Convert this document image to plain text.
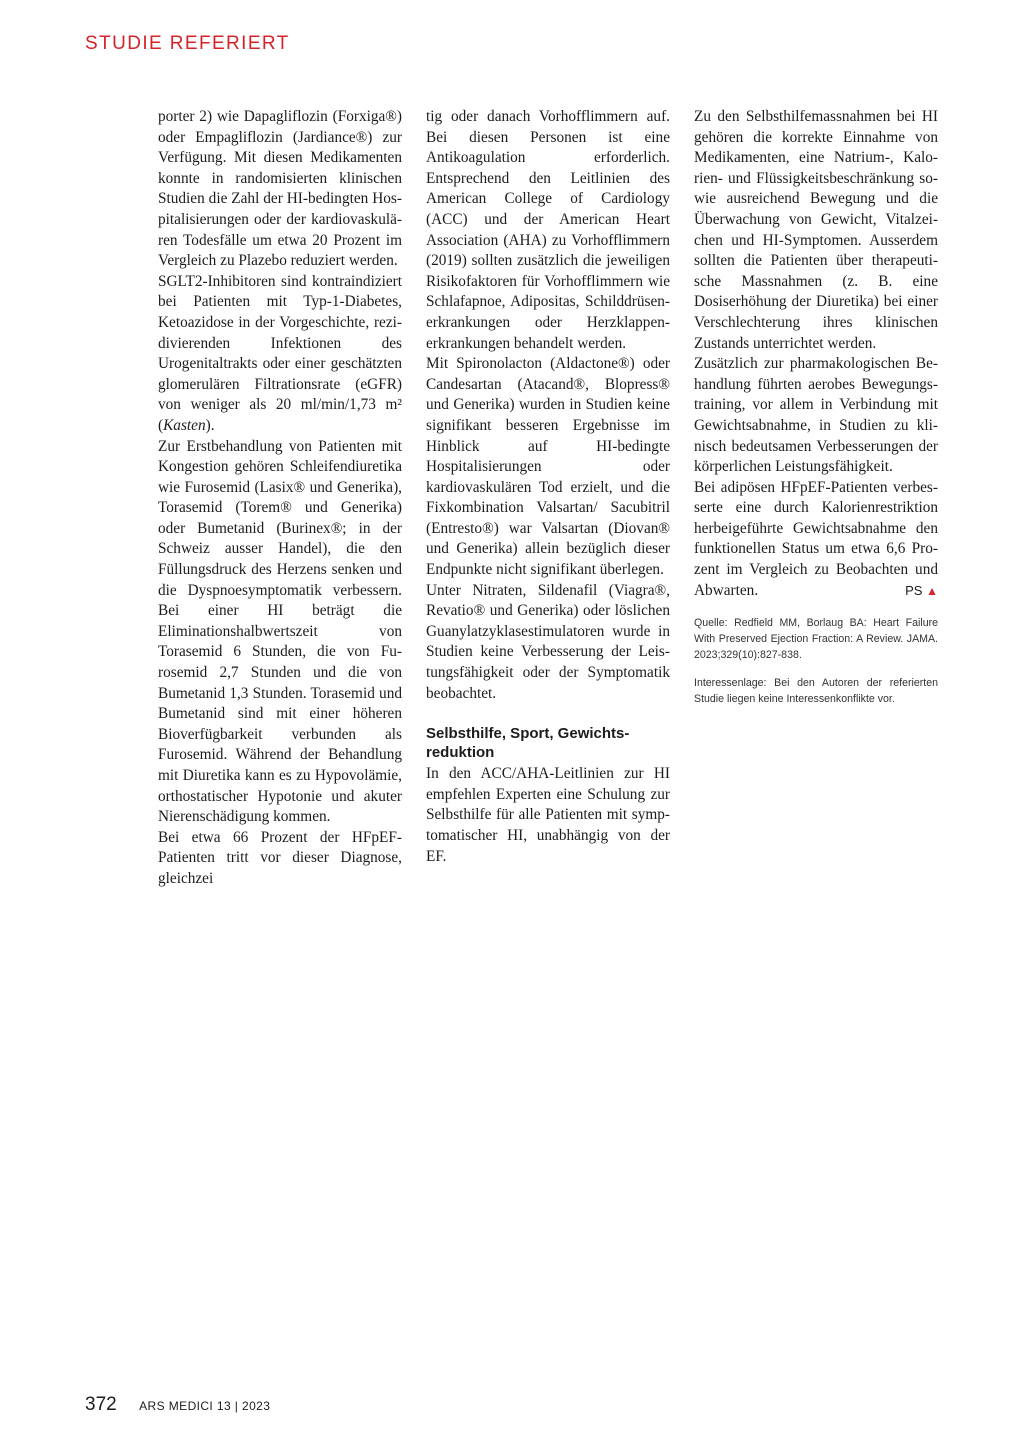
STUDIE REFERIERT

porter 2) wie Dapagliflozin (Forxiga®) oder Empagliflozin (Jardiance®) zur Verfügung. Mit diesen Medikamenten konnte in randomisierten klinischen Studien die Zahl der HI-bedingten Hospitalisierungen oder der kardiovaskulären Todesfälle um etwa 20 Prozent im Vergleich zu Plazebo reduziert werden.

SGLT2-Inhibitoren sind kontraindiziert bei Patienten mit Typ-1-Diabetes, Ketoazidose in der Vorgeschichte, rezidivierenden Infektionen des Urogenitaltrakts oder einer geschätzten glomerulären Filtrationsrate (eGFR) von weniger als 20 ml/min/1,73 m² (Kasten).

Zur Erstbehandlung von Patienten mit Kongestion gehören Schleifendiuretika wie Furosemid (Lasix® und Generika), Torasemid (Torem® und Generika) oder Bumetanid (Burinex®; in der Schweiz ausser Handel), die den Füllungsdruck des Herzens senken und die Dyspnoesymptomatik verbessern. Bei einer HI beträgt die Eliminationshalbwertszeit von Torasemid 6 Stunden, die von Furosemid 2,7 Stunden und die von Bumetanid 1,3 Stunden. Torasemid und Bumetanid sind mit einer höheren Bioverfügbarkeit verbunden als Furosemid. Während der Behandlung mit Diuretika kann es zu Hypovolämie, orthostatischer Hypotonie und akuter Nierenschädigung kommen.

Bei etwa 66 Prozent der HFpEF-Patienten tritt vor dieser Diagnose, gleichzei

tig oder danach Vorhofflimmern auf. Bei diesen Personen ist eine Antikoagulation erforderlich. Entsprechend den Leitlinien des American College of Cardiology (ACC) und der American Heart Association (AHA) zu Vorhofflimmern (2019) sollten zusätzlich die jeweiligen Risikofaktoren für Vorhofflimmern wie Schlafapnoe, Adipositas, Schilddrüsenerkrankungen oder Herzklappenerkrankungen behandelt werden.

Mit Spironolacton (Aldactone®) oder Candesartan (Atacand®, Blopress® und Generika) wurden in Studien keine signifikant besseren Ergebnisse im Hinblick auf HI-bedingte Hospitalisierungen oder kardiovaskulären Tod erzielt, und die Fixkombination Valsartan/ Sacubitril (Entresto®) war Valsartan (Diovan® und Generika) allein bezüglich dieser Endpunkte nicht signifikant überlegen.

Unter Nitraten, Sildenafil (Viagra®, Revatio® und Generika) oder löslichen Guanylatzyklasestimulatoren wurde in Studien keine Verbesserung der Leistungsfähigkeit oder der Symptomatik beobachtet.

Selbsthilfe, Sport, Gewichtsreduktion

In den ACC/AHA-Leitlinien zur HI empfehlen Experten eine Schulung zur Selbsthilfe für alle Patienten mit symptomatischer HI, unabhängig von der EF.

Zu den Selbsthilfemassnahmen bei HI gehören die korrekte Einnahme von Medikamenten, eine Natrium-, Kalorien- und Flüssigkeitsbeschränkung sowie ausreichend Bewegung und die Überwachung von Gewicht, Vitalzeichen und HI-Symptomen. Ausserdem sollten die Patienten über therapeutische Massnahmen (z. B. eine Dosiserhöhung der Diuretika) bei einer Verschlechterung ihres klinischen Zustands unterrichtet werden.

Zusätzlich zur pharmakologischen Behandlung führten aerobes Bewegungstraining, vor allem in Verbindung mit Gewichtsabnahme, in Studien zu klinisch bedeutsamen Verbesserungen der körperlichen Leistungsfähigkeit.

Bei adipösen HFpEF-Patienten verbesserte eine durch Kalorienrestriktion herbeigeführte Gewichtsabnahme den funktionellen Status um etwa 6,6 Prozent im Vergleich zu Beobachten und Abwarten.	PS ▲

Quelle: Redfield MM, Borlaug BA: Heart Failure With Preserved Ejection Fraction: A Review. JAMA. 2023;329(10):827-838.

Interessenlage: Bei den Autoren der referierten Studie liegen keine Interessenkonflikte vor.

372 ARS MEDICI 13 | 2023
